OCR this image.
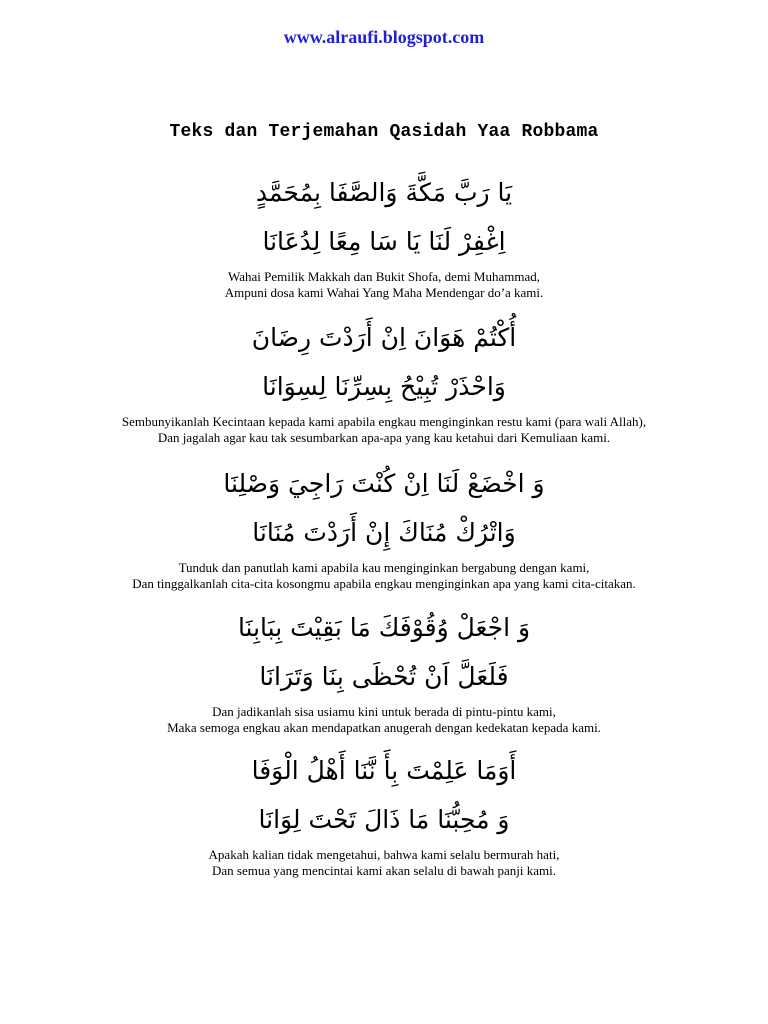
www.alraufi.blogspot.com
Teks dan Terjemahan Qasidah Yaa Robbama
يَا رَبَّ مَكَّةَ وَالصَّفَا بِمُحَمَّدٍ
اِغْفِرْ لَنَا يَا سَا مِعًا لِدُعَانَا
Wahai Pemilik Makkah dan Bukit Shofa, demi Muhammad,
Ampuni dosa kami Wahai Yang Maha Mendengar do’a kami.
أُكْتُمْ هَوَانَ اِنْ أَرَدْتَ رِضَانَ
وَاحْذَرْ تُبِيْحُ بِسِرِّنَا لِسِوَانَا
Sembunyikanlah Kecintaan kepada kami apabila engkau menginginkan restu kami (para wali Allah),
Dan jagalah agar kau tak sesumbarkan apa-apa yang kau ketahui dari Kemuliaan kami.
وَ اخْضَعْ لَنَا اِنْ كُنْتَ رَاجِيَ وَصْلِنَا
وَاتْرُكْ مُنَاكَ إِنْ أَرَدْتَ مُنَانَا
Tunduk dan panutlah kami apabila kau menginginkan bergabung dengan kami,
Dan tinggalkanlah cita-cita kosongmu apabila engkau menginginkan apa yang kami cita-citakan.
وَ اجْعَلْ وُقُوْفَكَ مَا بَقِيْتَ بِبَابِنَا
فَلَعَلَّ اَنْ تُحْظَى بِنَا وَتَرَانَا
Dan jadikanlah sisa usiamu kini untuk berada di pintu-pintu kami,
Maka semoga engkau akan mendapatkan anugerah dengan kedekatan kepada kami.
أَوَمَا عَلِمْتَ بِأَ نَّنَا أَهْلُ الْوَفَا
وَ مُحِبُّنَا مَا ذَالَ تَحْتَ لِوَانَا
Apakah kalian tidak mengetahui, bahwa kami selalu bermurah hati,
Dan semua yang mencintai kami akan selalu di bawah panji kami.
